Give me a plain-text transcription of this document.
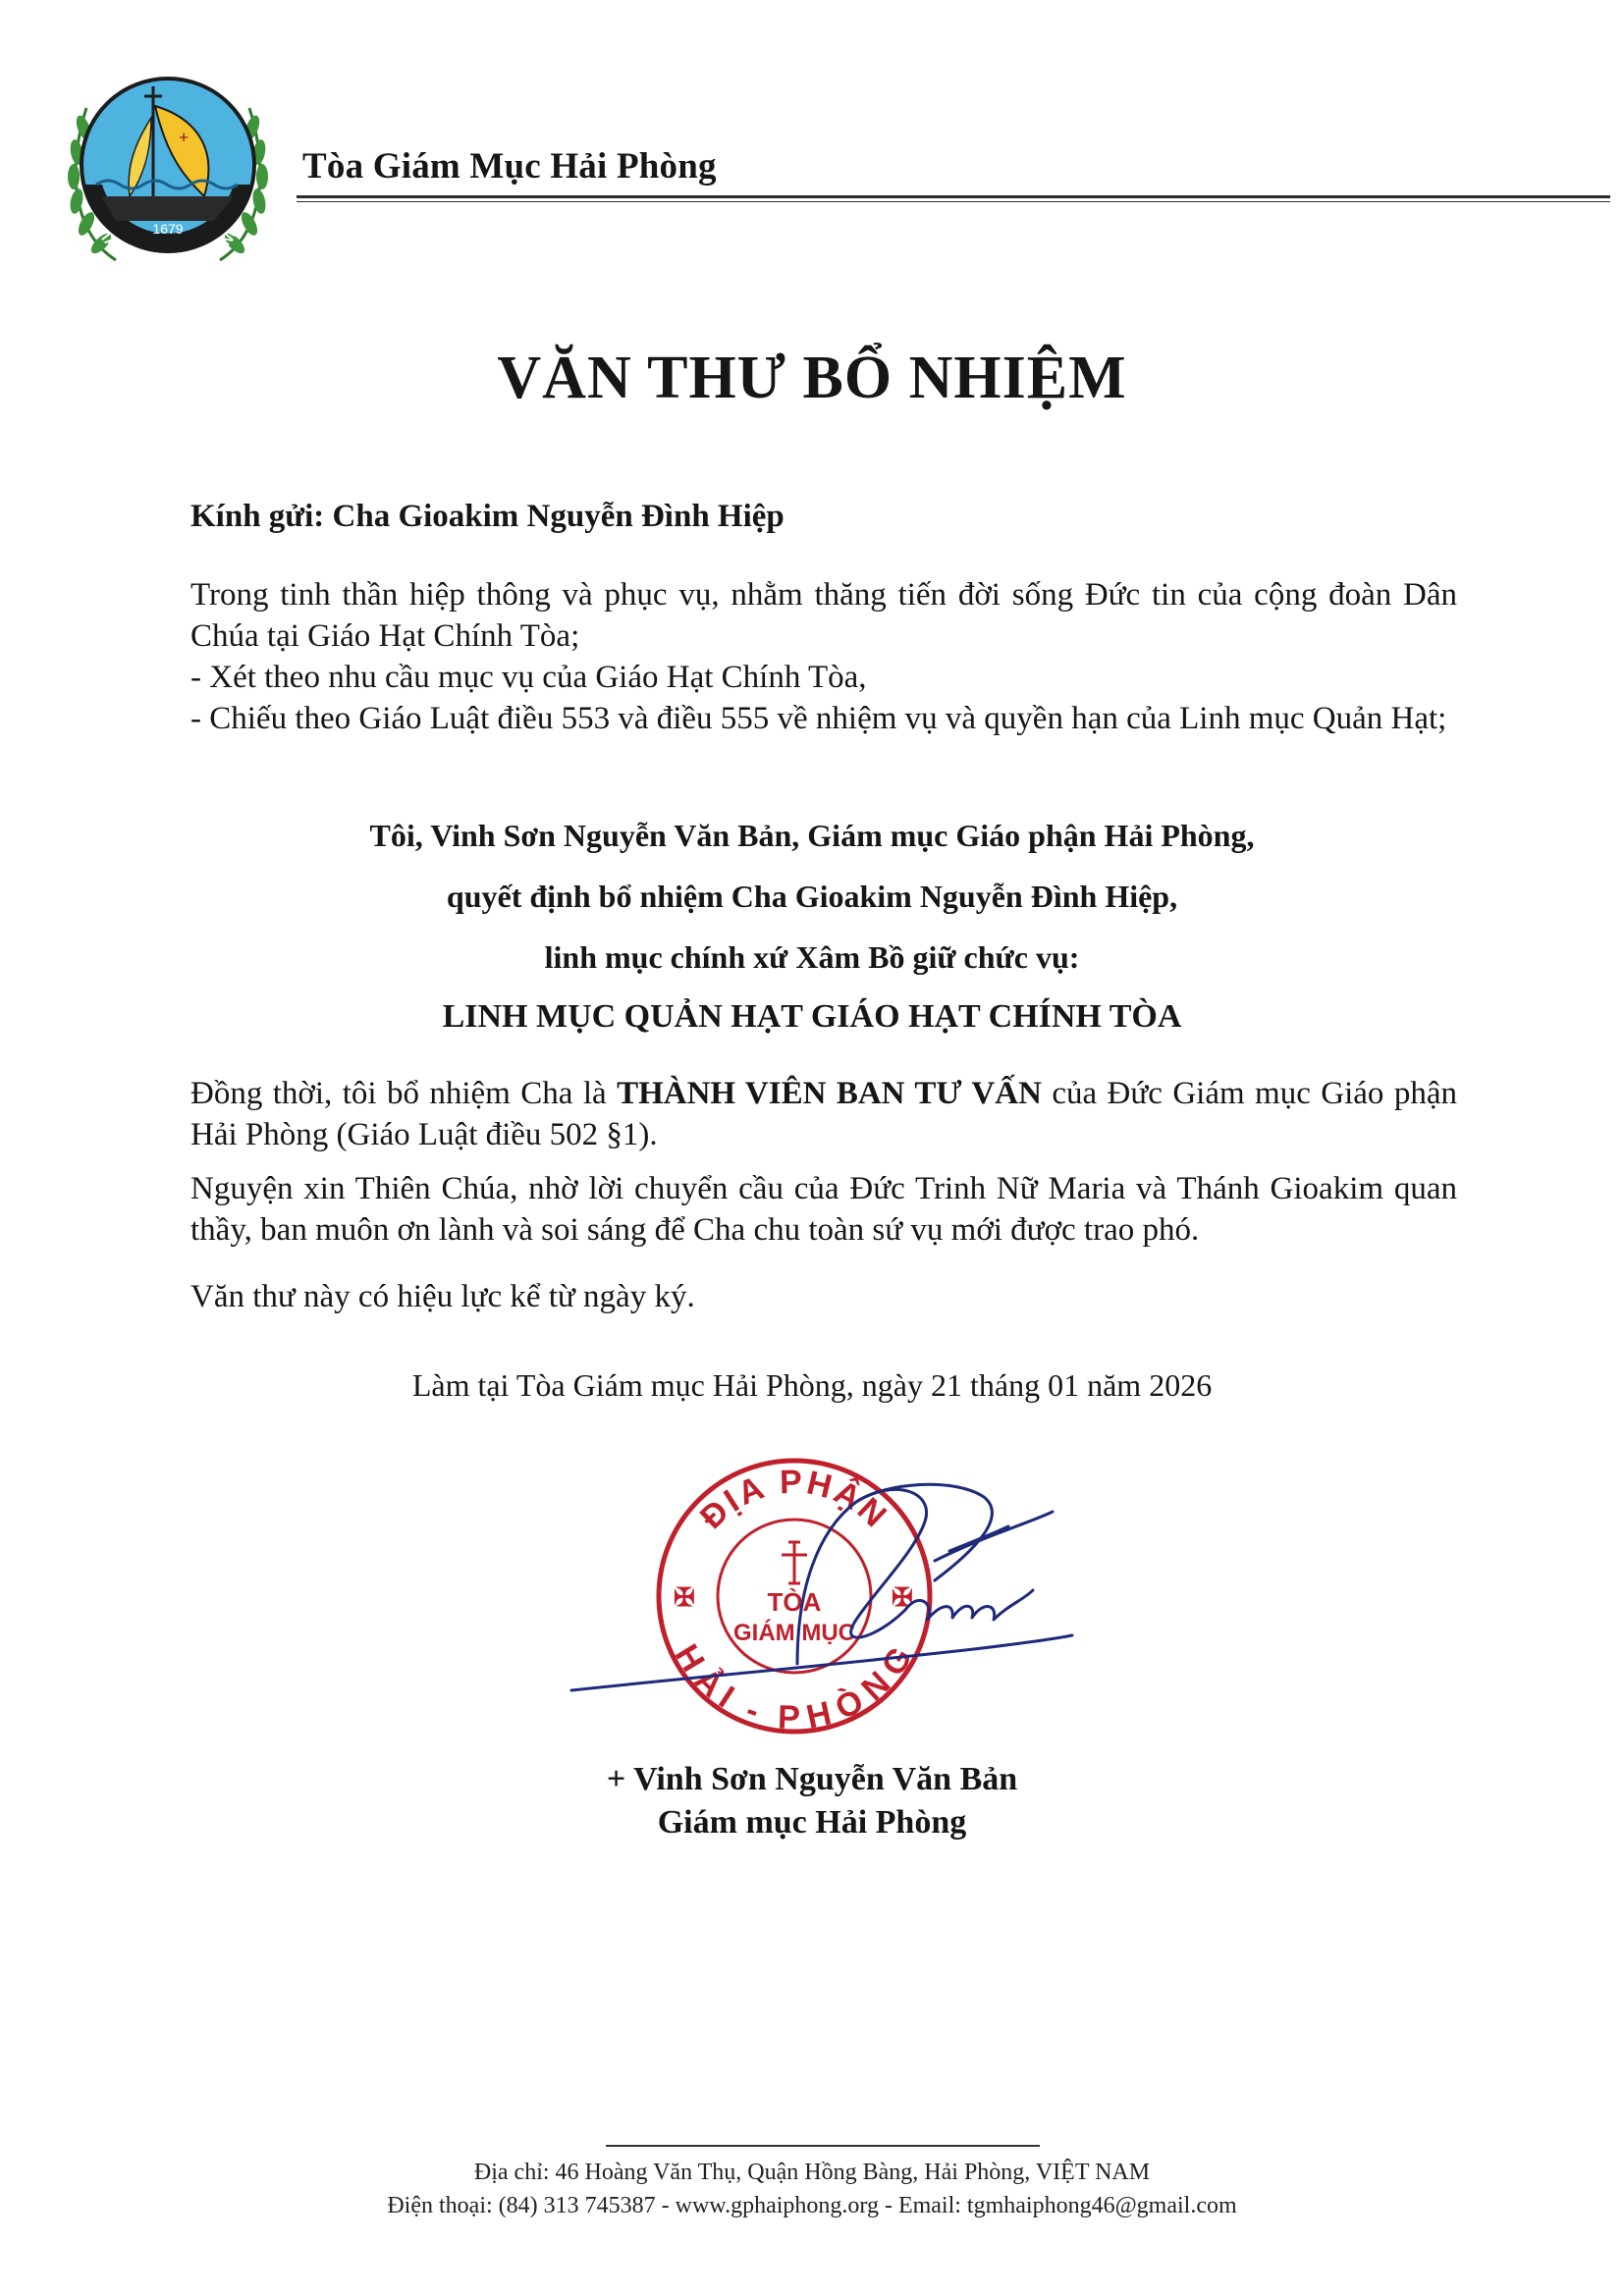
+
1679
GIÁO PHẬN HẢI PHÒNG
Tòa Giám Mục Hải Phòng
VĂN THƯ BỔ NHIỆM
Kính gửi: Cha Gioakim Nguyễn Đình Hiệp

Trong tinh thần hiệp thông và phục vụ, nhằm thăng tiến đời sống Đức tin của cộng đoàn Dân Chúa tại Giáo Hạt Chính Tòa;

- Xét theo nhu cầu mục vụ của Giáo Hạt Chính Tòa,

- Chiếu theo Giáo Luật điều 553 và điều 555 về nhiệm vụ và quyền hạn của Linh mục Quản Hạt;

Tôi, Vinh Sơn Nguyễn Văn Bản, Giám mục Giáo phận Hải Phòng,
quyết định bổ nhiệm Cha Gioakim Nguyễn Đình Hiệp,
linh mục chính xứ Xâm Bồ giữ chức vụ:
LINH MỤC QUẢN HẠT GIÁO HẠT CHÍNH TÒA

Đồng thời, tôi bổ nhiệm Cha là THÀNH VIÊN BAN TƯ VẤN của Đức Giám mục Giáo phận Hải Phòng (Giáo Luật điều 502 §1).

Nguyện xin Thiên Chúa, nhờ lời chuyển cầu của Đức Trinh Nữ Maria và Thánh Gioakim quan thầy, ban muôn ơn lành và soi sáng để Cha chu toàn sứ vụ mới được trao phó.

Văn thư này có hiệu lực kể từ ngày ký.

Làm tại Tòa Giám mục Hải Phòng, ngày 21 tháng 01 năm 2026
ĐỊA PHẬN
HẢI - PHÒNG
TÒA
GIÁM MỤC
✠	✠
+ Vinh Sơn Nguyễn Văn Bản
Giám mục Hải Phòng
Địa chỉ: 46 Hoàng Văn Thụ, Quận Hồng Bàng, Hải Phòng, VIỆT NAM
Điện thoại: (84) 313 745387 - www.gphaiphong.org - Email: tgmhaiphong46@gmail.com
